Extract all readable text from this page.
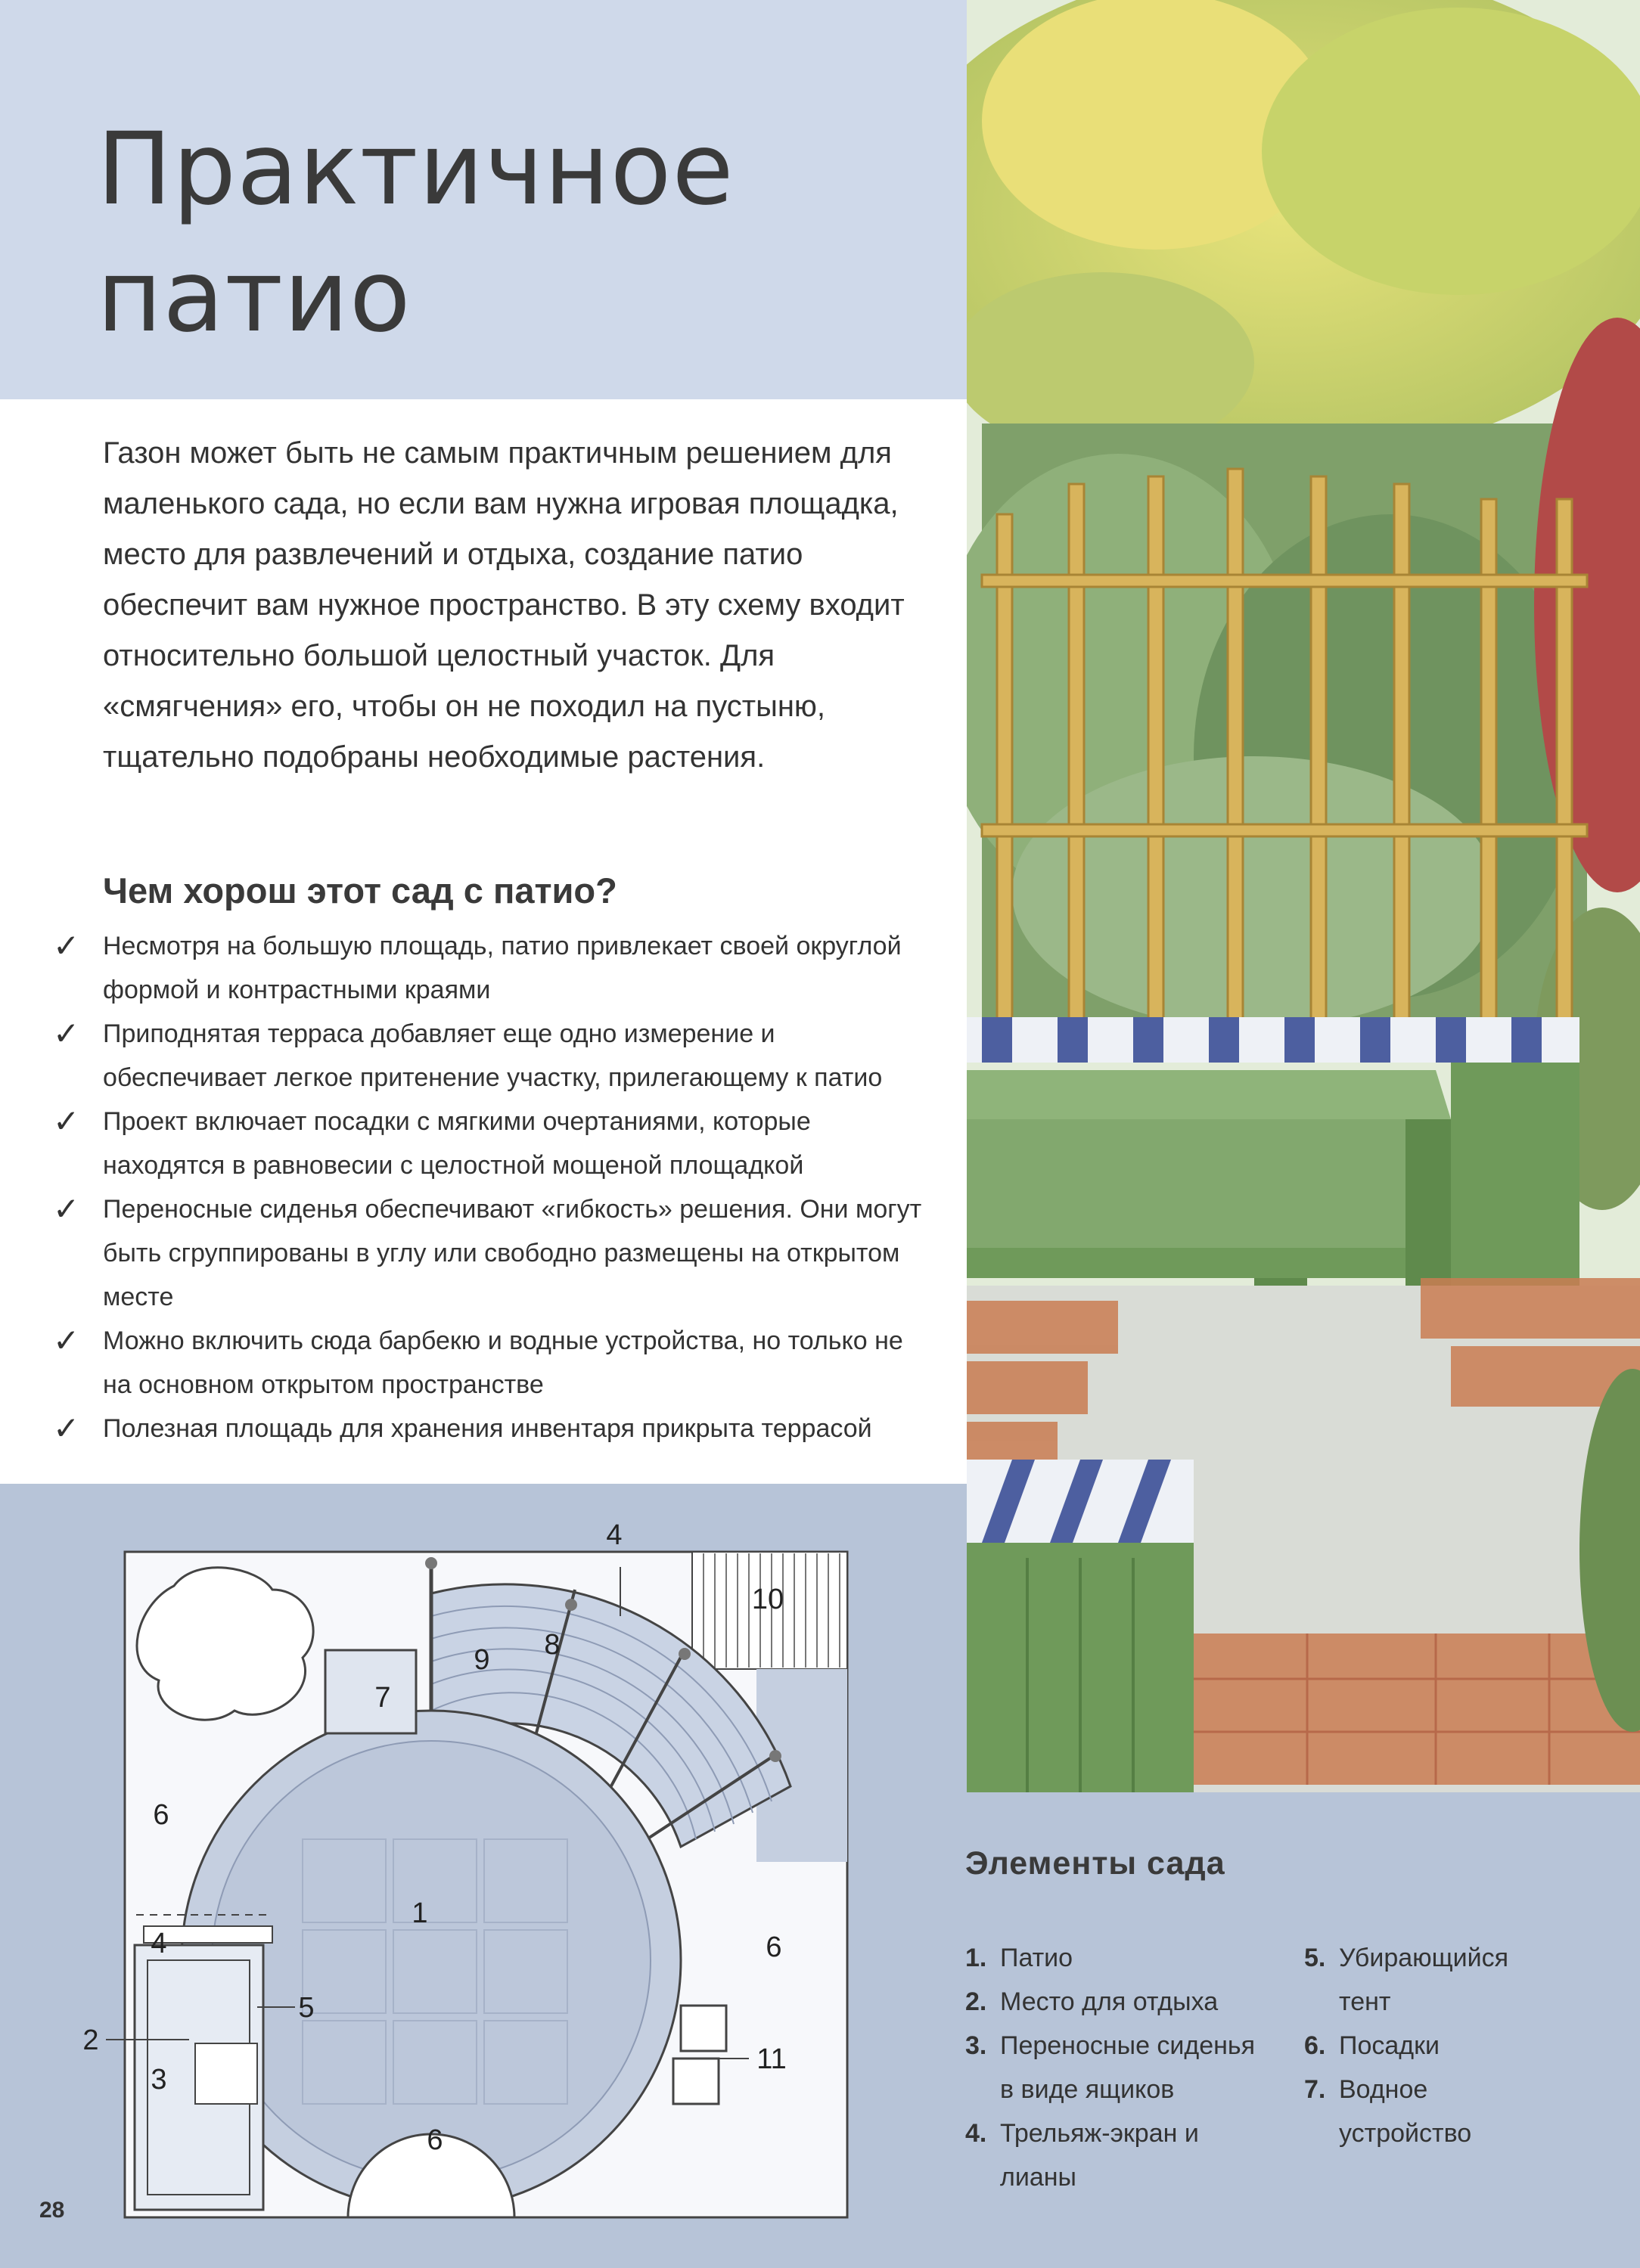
Практичное
патио

Газон может быть не самым практичным решением для маленького сада, но если вам нужна игровая площадка, место для развлечений и отдыха, создание патио обеспечит вам нужное пространство. В эту схему входит относительно большой целостный участок. Для «смягчения» его, чтобы он не походил на пустыню, тщательно подобраны необходимые растения.

Чем хорош этот сад с патио?
✓ Несмотря на большую площадь, патио привлекает своей округлой формой и контрастными краями
✓ Приподнятая терраса добавляет еще одно измерение и обеспечивает легкое притенение участку, прилегающему к патио
✓ Проект включает посадки с мягкими очертаниями, которые находятся в равновесии с целостной мощеной площадкой
✓ Переносные сиденья обеспечивают «гибкость» решения. Они могут быть сгруппированы в углу или свободно размещены на открытом месте
✓ Можно включить сюда барбекю и водные устройства, но только не на основном открытом пространстве
✓ Полезная площадь для хранения инвентаря прикрыта террасой
1
2
3
4
4
5
6
6
6
7
8
9
10
11
Элементы сада
1. Патио
2. Место для отдыха
3. Переносные сиденья в виде ящиков
4. Трельяж-экран и лианы
5. Убирающийся тент
6. Посадки
7. Водное устройство
28
